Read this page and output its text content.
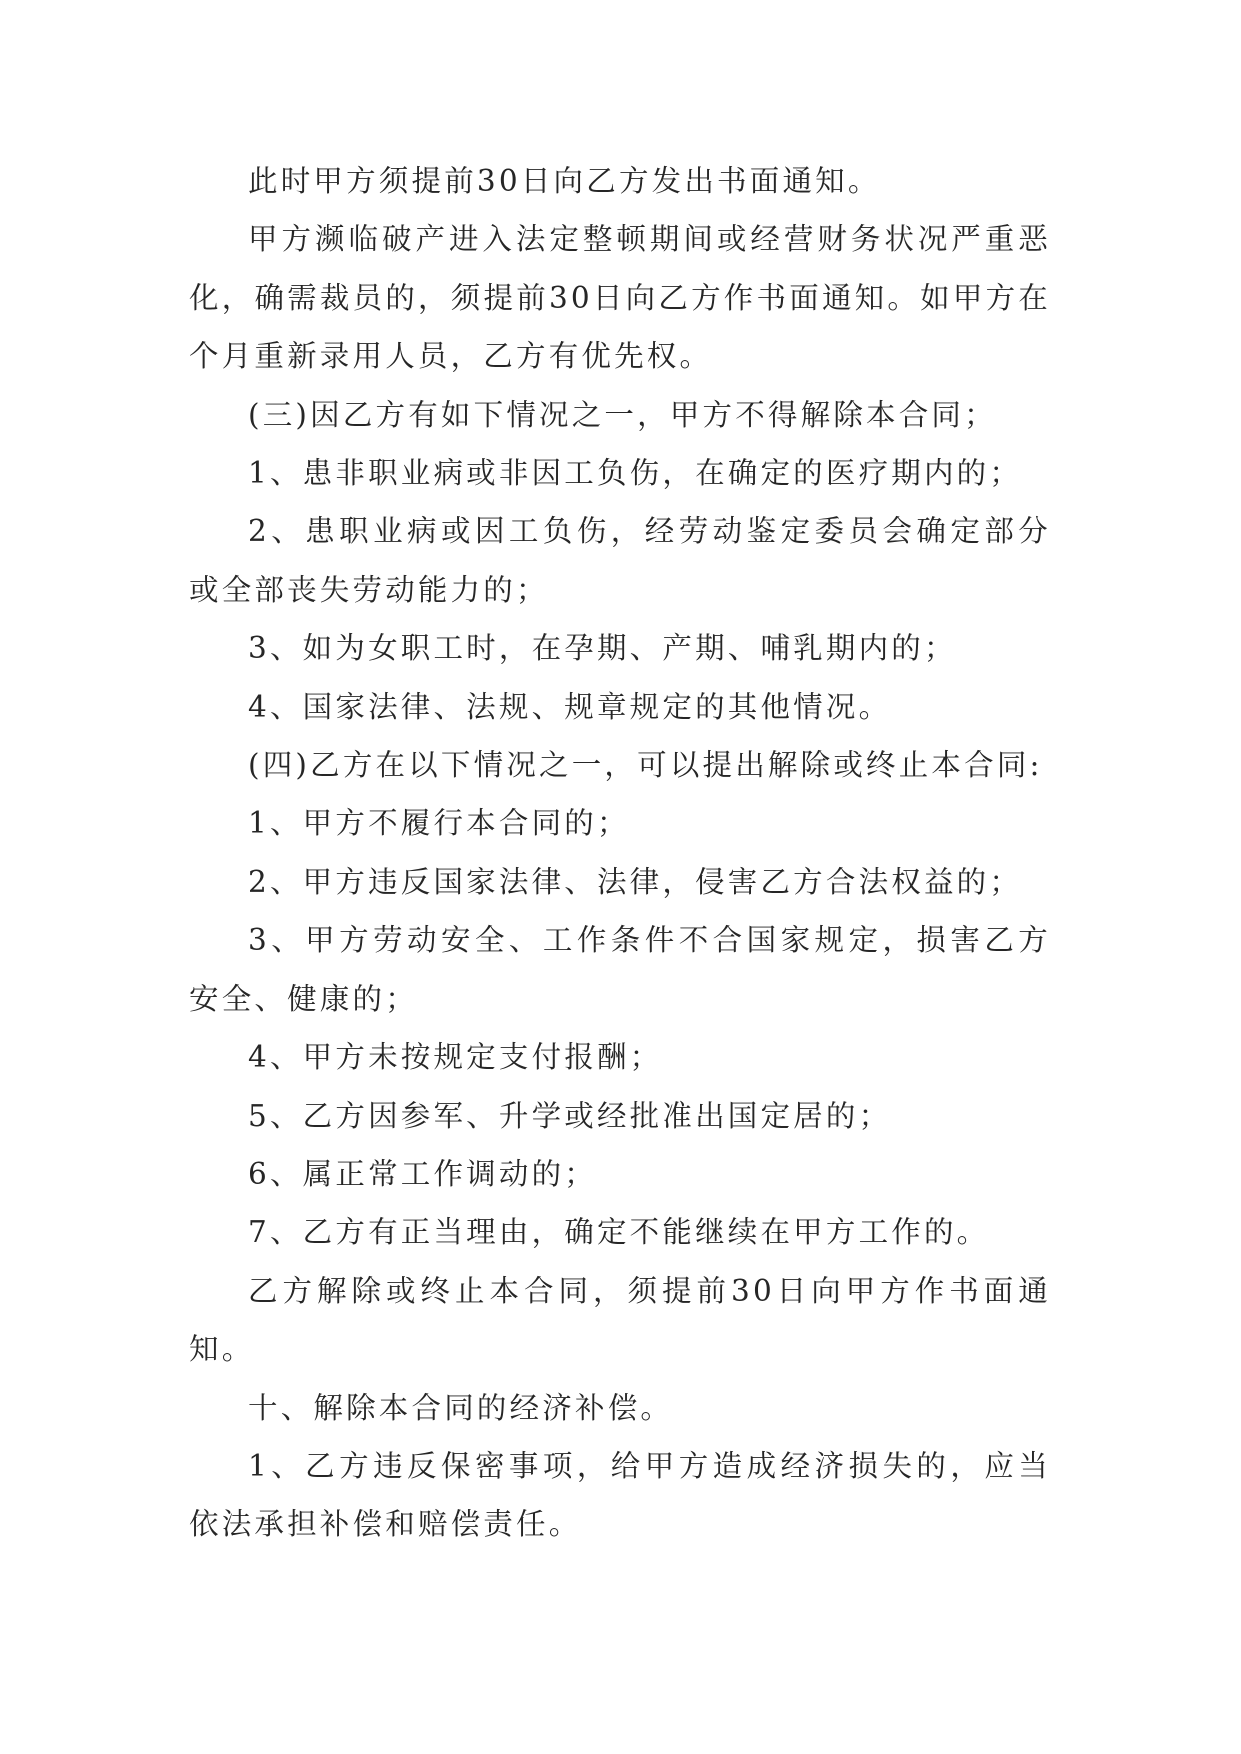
此时甲方须提前30日向乙方发出书面通知。

甲方濒临破产进入法定整顿期间或经营财务状况严重恶化，确需裁员的，须提前30日向乙方作书面通知。如甲方在 个月重新录用人员，乙方有优先权。

(三)因乙方有如下情况之一，甲方不得解除本合同；

1、患非职业病或非因工负伤，在确定的医疗期内的；

2、患职业病或因工负伤，经劳动鉴定委员会确定部分或全部丧失劳动能力的；

3、如为女职工时，在孕期、产期、哺乳期内的；

4、国家法律、法规、规章规定的其他情况。

(四)乙方在以下情况之一，可以提出解除或终止本合同:

1、甲方不履行本合同的；

2、甲方违反国家法律、法律，侵害乙方合法权益的；

3、甲方劳动安全、工作条件不合国家规定，损害乙方安全、健康的；

4、甲方未按规定支付报酬；

5、乙方因参军、升学或经批准出国定居的；

6、属正常工作调动的；

7、乙方有正当理由，确定不能继续在甲方工作的。

乙方解除或终止本合同，须提前30日向甲方作书面通知。

十、解除本合同的经济补偿。

1、乙方违反保密事项，给甲方造成经济损失的，应当依法承担补偿和赔偿责任。
